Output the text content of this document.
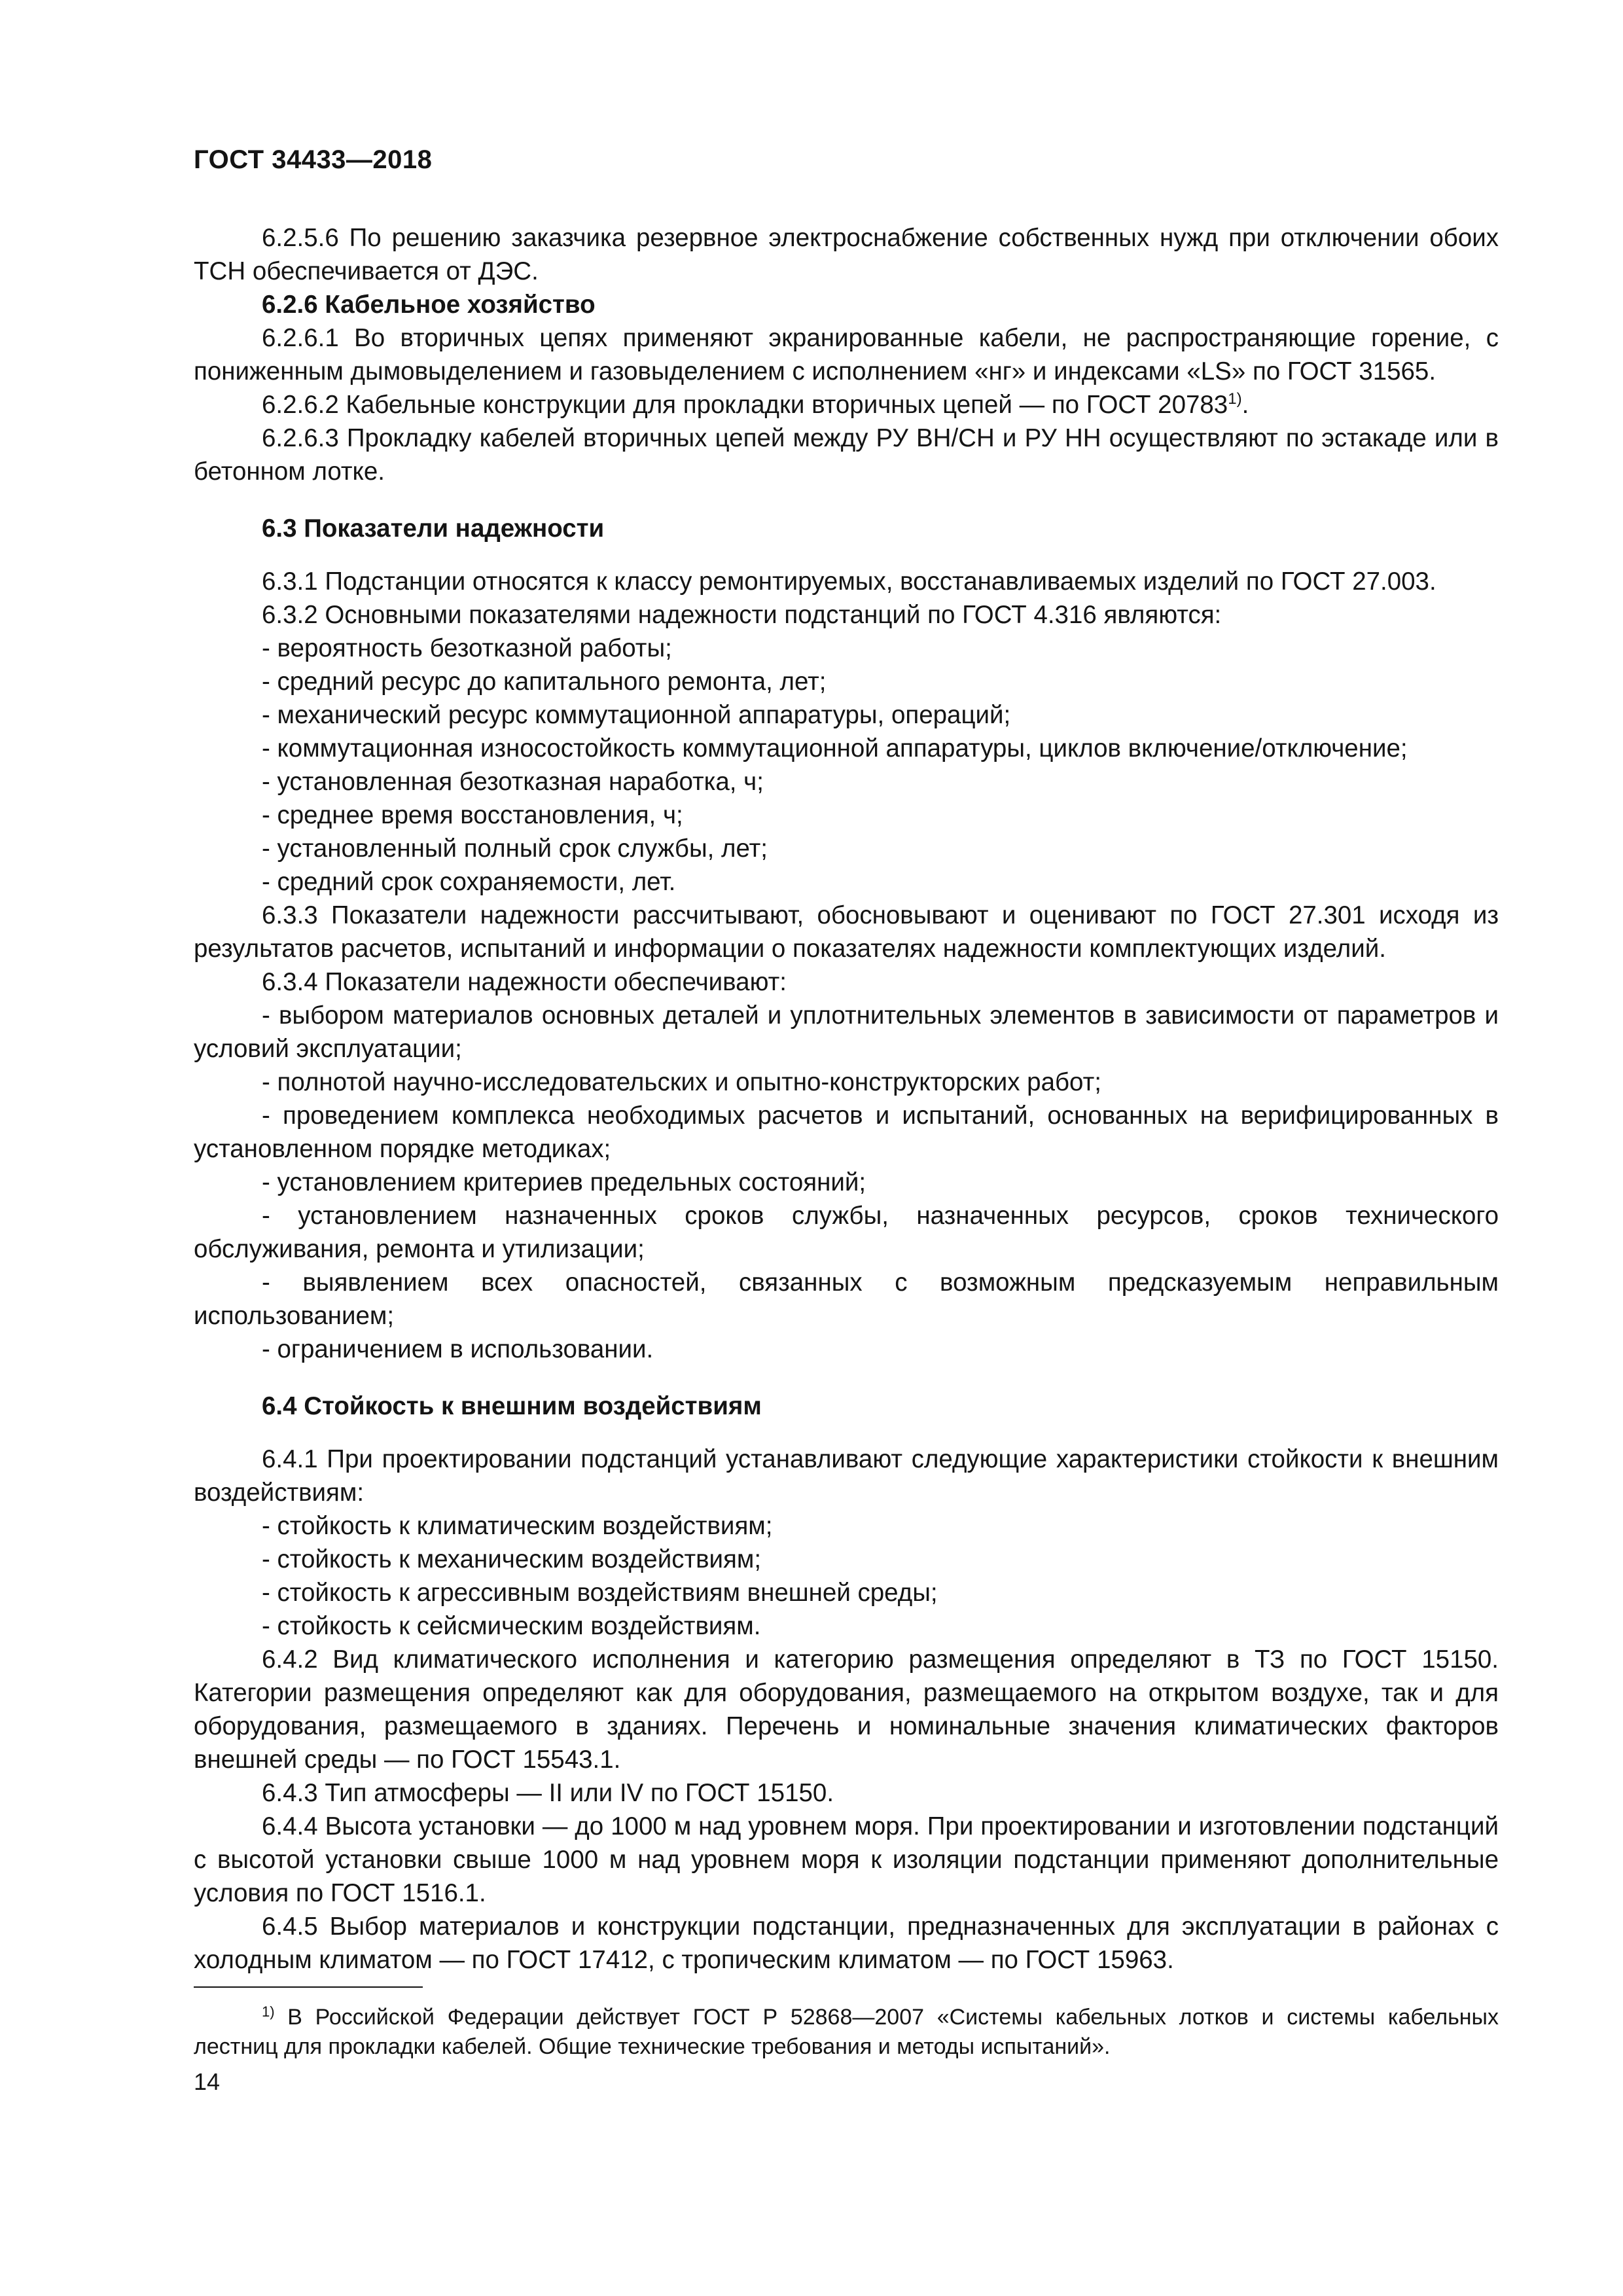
ГОСТ 34433—2018

6.2.5.6 По решению заказчика резервное электроснабжение собственных нужд при отключении обоих ТСН обеспечивается от ДЭС.

6.2.6 Кабельное хозяйство

6.2.6.1 Во вторичных цепях применяют экранированные кабели, не распространяющие горение, с пониженным дымовыделением и газовыделением с исполнением «нг» и индексами «LS» по ГОСТ 31565.

6.2.6.2 Кабельные конструкции для прокладки вторичных цепей — по ГОСТ 20783$^{1)}$.

6.2.6.3 Прокладку кабелей вторичных цепей между РУ ВН/СН и РУ НН осуществляют по эстакаде или в бетонном лотке.

6.3 Показатели надежности

6.3.1 Подстанции относятся к классу ремонтируемых, восстанавливаемых изделий по ГОСТ 27.003.

6.3.2 Основными показателями надежности подстанций по ГОСТ 4.316 являются:

- вероятность безотказной работы;

- средний ресурс до капитального ремонта, лет;

- механический ресурс коммутационной аппаратуры, операций;

- коммутационная износостойкость коммутационной аппаратуры, циклов включение/отключение;

- установленная безотказная наработка, ч;

- среднее время восстановления, ч;

- установленный полный срок службы, лет;

- средний срок сохраняемости, лет.

6.3.3 Показатели надежности рассчитывают, обосновывают и оценивают по ГОСТ 27.301 исходя из результатов расчетов, испытаний и информации о показателях надежности комплектующих изделий.

6.3.4 Показатели надежности обеспечивают:

- выбором материалов основных деталей и уплотнительных элементов в зависимости от параметров и условий эксплуатации;

- полнотой научно-исследовательских и опытно-конструкторских работ;

- проведением комплекса необходимых расчетов и испытаний, основанных на верифицированных в установленном порядке методиках;

- установлением критериев предельных состояний;

- установлением назначенных сроков службы, назначенных ресурсов, сроков технического обслуживания, ремонта и утилизации;

- выявлением всех опасностей, связанных с возможным предсказуемым неправильным использованием;

- ограничением в использовании.

6.4 Стойкость к внешним воздействиям

6.4.1 При проектировании подстанций устанавливают следующие характеристики стойкости к внешним воздействиям:

- стойкость к климатическим воздействиям;

- стойкость к механическим воздействиям;

- стойкость к агрессивным воздействиям внешней среды;

- стойкость к сейсмическим воздействиям.

6.4.2 Вид климатического исполнения и категорию размещения определяют в ТЗ по ГОСТ 15150. Категории размещения определяют как для оборудования, размещаемого на открытом воздухе, так и для оборудования, размещаемого в зданиях. Перечень и номинальные значения климатических факторов внешней среды — по ГОСТ 15543.1.

6.4.3 Тип атмосферы — II или IV по ГОСТ 15150.

6.4.4 Высота установки — до 1000 м над уровнем моря. При проектировании и изготовлении подстанций с высотой установки свыше 1000 м над уровнем моря к изоляции подстанции применяют дополнительные условия по ГОСТ 1516.1.

6.4.5 Выбор материалов и конструкции подстанции, предназначенных для эксплуатации в районах с холодным климатом — по ГОСТ 17412, с тропическим климатом — по ГОСТ 15963.

$^{1)}$ В Российской Федерации действует ГОСТ Р 52868—2007 «Системы кабельных лотков и системы кабельных лестниц для прокладки кабелей. Общие технические требования и методы испытаний».

14
